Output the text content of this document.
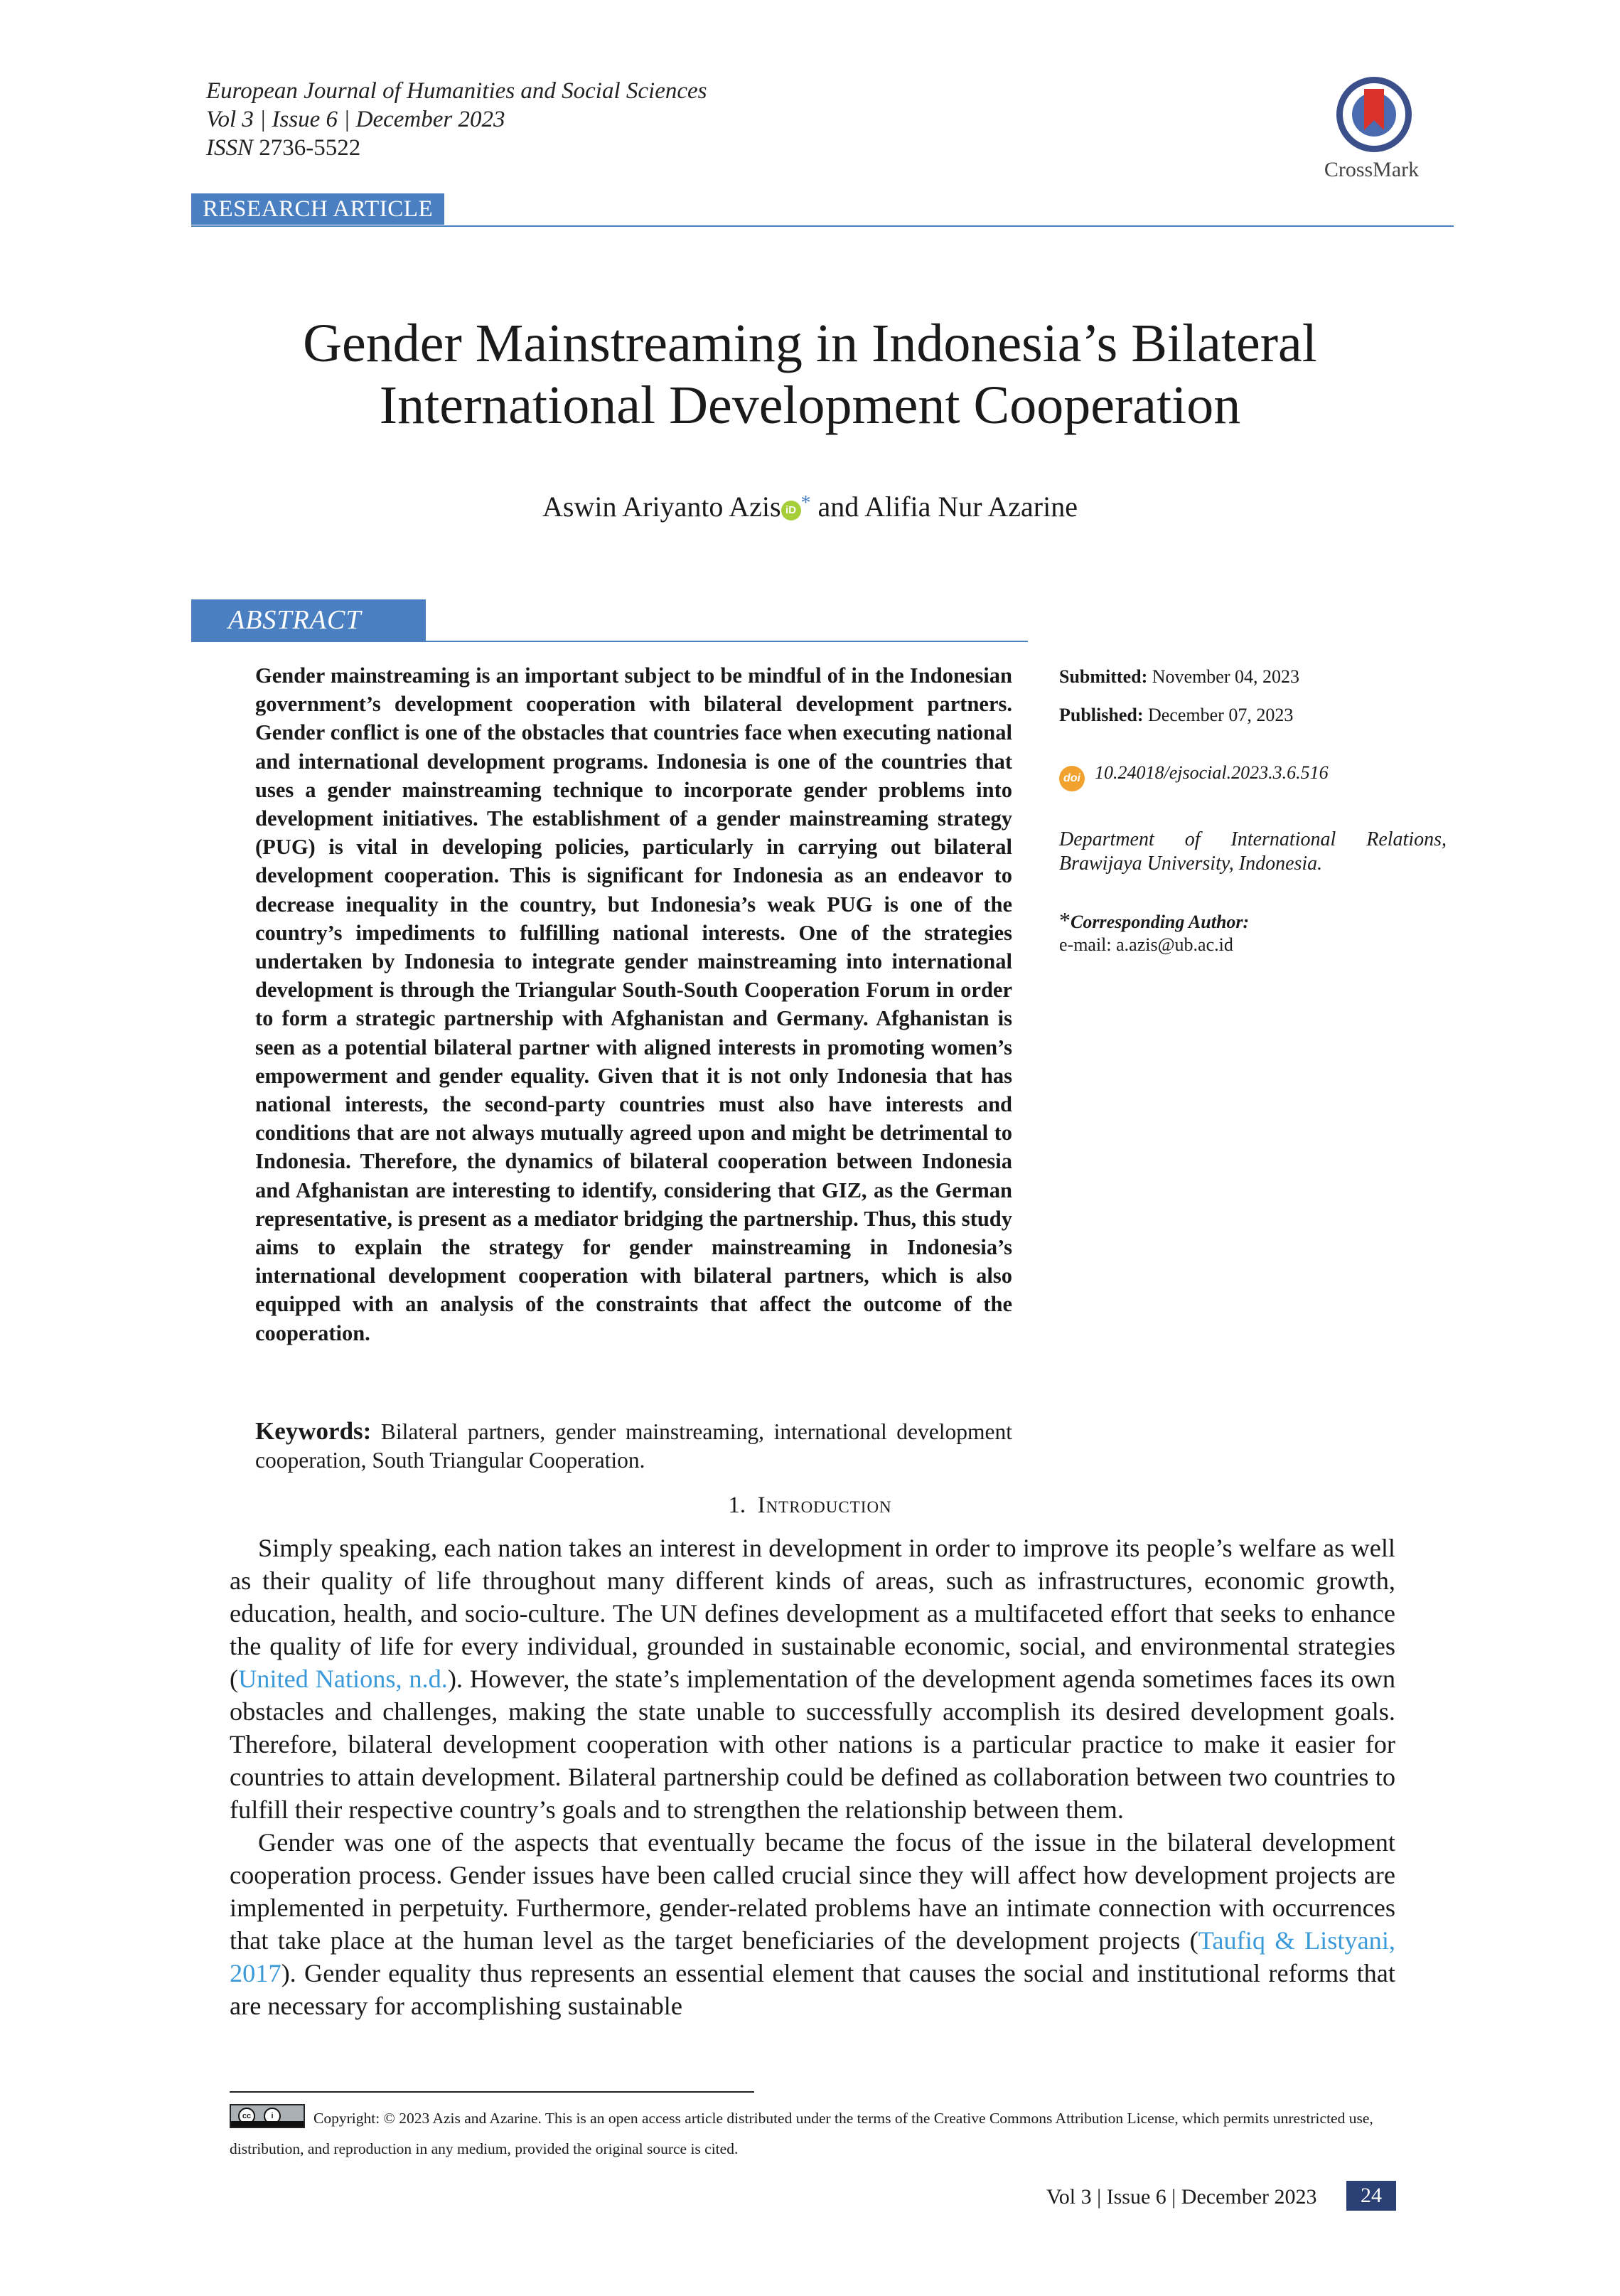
European Journal of Humanities and Social Sciences
Vol 3 | Issue 6 | December 2023
ISSN 2736-5522
CrossMark
RESEARCH ARTICLE
Gender Mainstreaming in Indonesia’s Bilateral
International Development Cooperation
Aswin Ariyanto Azis iD * and Alifia Nur Azarine
ABSTRACT
Gender mainstreaming is an important subject to be mindful of in the Indonesian government’s development cooperation with bilateral development partners. Gender conflict is one of the obstacles that countries face when executing national and international development programs. Indonesia is one of the countries that uses a gender mainstreaming technique to incorporate gender problems into development initiatives. The establishment of a gender mainstreaming strategy (PUG) is vital in developing policies, particularly in carrying out bilateral development cooperation. This is significant for Indonesia as an endeavor to decrease inequality in the country, but Indonesia’s weak PUG is one of the country’s impediments to fulfilling national interests. One of the strategies undertaken by Indonesia to integrate gender mainstreaming into international development is through the Triangular South-South Cooperation Forum in order to form a strategic partnership with Afghanistan and Germany. Afghanistan is seen as a potential bilateral partner with aligned interests in promoting women’s empowerment and gender equality. Given that it is not only Indonesia that has national interests, the second-party countries must also have interests and conditions that are not always mutually agreed upon and might be detrimental to Indonesia. Therefore, the dynamics of bilateral cooperation between Indonesia and Afghanistan are interesting to identify, considering that GIZ, as the German representative, is present as a mediator bridging the partnership. Thus, this study aims to explain the strategy for gender mainstreaming in Indonesia’s international development cooperation with bilateral partners, which is also equipped with an analysis of the constraints that affect the outcome of the cooperation.
Keywords: Bilateral partners, gender mainstreaming, international development cooperation, South Triangular Cooperation.
Submitted: November 04, 2023
Published: December 07, 2023
doi 10.24018/ejsocial.2023.3.6.516
Department of International Relations, Brawijaya University, Indonesia.
*Corresponding Author:
e-mail: a.azis@ub.ac.id
1. Introduction

Simply speaking, each nation takes an interest in development in order to improve its people’s welfare as well as their quality of life throughout many different kinds of areas, such as infrastructures, economic growth, education, health, and socio-culture. The UN defines development as a multifaceted effort that seeks to enhance the quality of life for every individual, grounded in sustainable economic, social, and environmental strategies (United Nations, n.d.). However, the state’s implementation of the development agenda sometimes faces its own obstacles and challenges, making the state unable to successfully accomplish its desired development goals. Therefore, bilateral development cooperation with other nations is a particular practice to make it easier for countries to attain development. Bilateral partnership could be defined as collaboration between two countries to fulfill their respective country’s goals and to strengthen the relationship between them.

Gender was one of the aspects that eventually became the focus of the issue in the bilateral development cooperation process. Gender issues have been called crucial since they will affect how development projects are implemented in perpetuity. Furthermore, gender-related problems have an intimate connection with occurrences that take place at the human level as the target beneficiaries of the development projects (Taufiq & Listyani, 2017). Gender equality thus represents an essential element that causes the social and institutional reforms that are necessary for accomplishing sustainable

Copyright: © 2023 Azis and Azarine. This is an open access article distributed under the terms of the Creative Commons Attribution License, which permits unrestricted use, distribution, and reproduction in any medium, provided the original source is cited.
cc	i
Vol 3 | Issue 6 | December 2023	24
